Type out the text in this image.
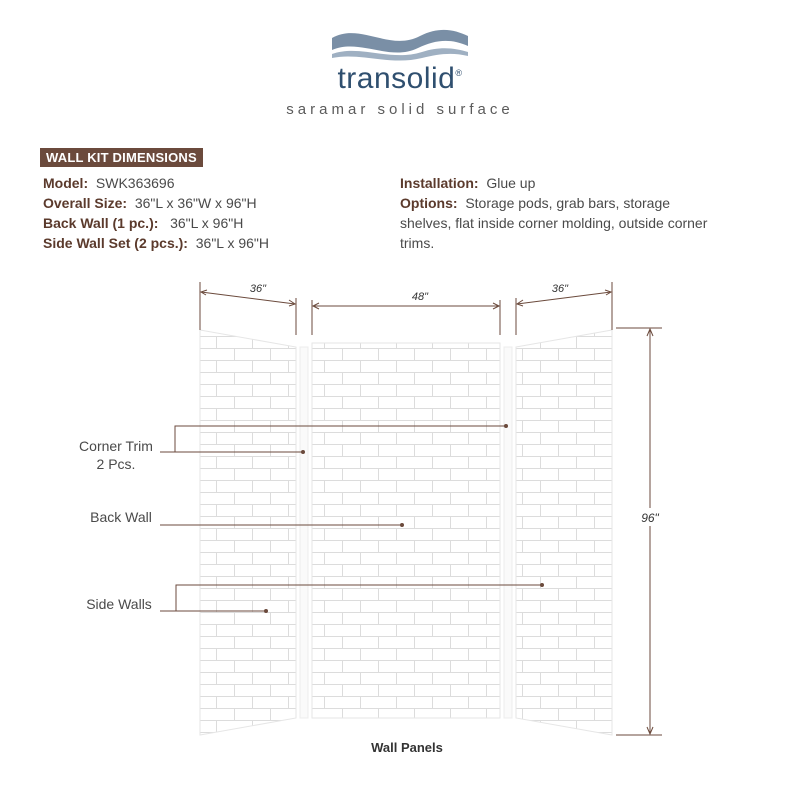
transolid®
saramar solid surface
WALL KIT DIMENSIONS
Model: SWK363696
Overall Size: 36"L x 36"W x 96"H
Back Wall (1 pc.): 36"L x 96"H
Side Wall Set (2 pcs.): 36"L x 96"H
Installation: Glue up
Options: Storage pods, grab bars, storage shelves, flat inside corner molding, outside corner trims.
36"
48"
36"
96"
Corner Trim
2 Pcs.
Back Wall
Side Walls
Wall Panels
